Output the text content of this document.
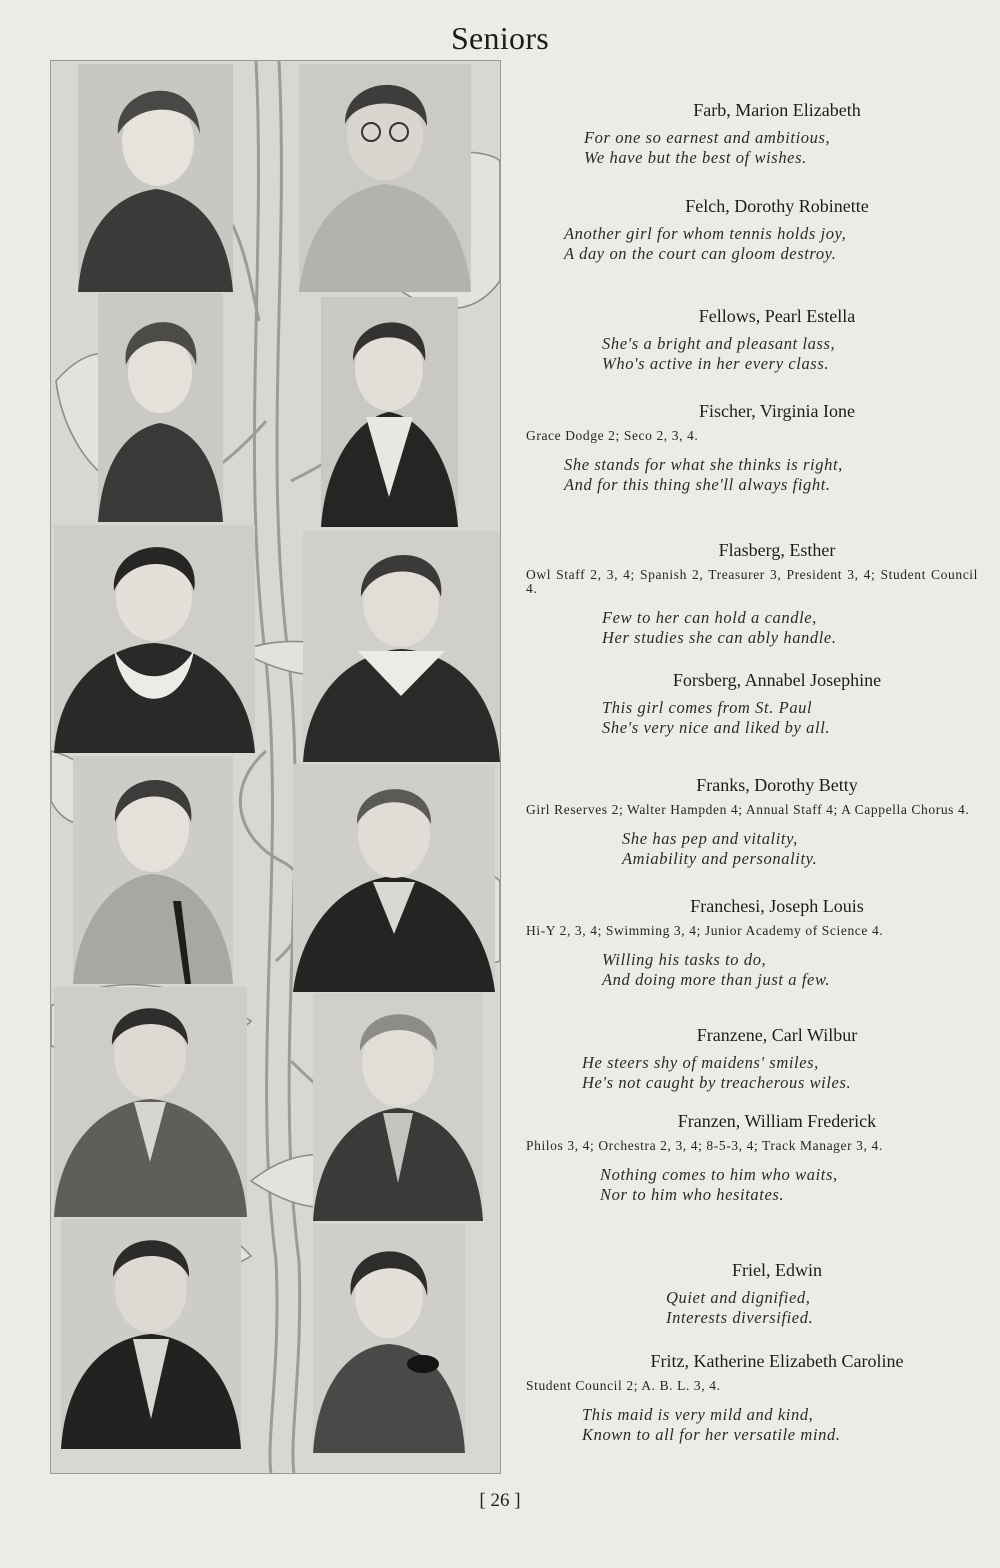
Seniors
Farb, Marion Elizabeth
For one so earnest and ambitious,
We have but the best of wishes.
Felch, Dorothy Robinette
Another girl for whom tennis holds joy,
A day on the court can gloom destroy.
Fellows, Pearl Estella
She's a bright and pleasant lass,
Who's active in her every class.
Fischer, Virginia Ione
Grace Dodge 2; Seco 2, 3, 4.
She stands for what she thinks is right,
And for this thing she'll always fight.
Flasberg, Esther
Owl Staff 2, 3, 4; Spanish 2, Treasurer 3, President 3, 4; Student Council 4.
Few to her can hold a candle,
Her studies she can ably handle.
Forsberg, Annabel Josephine
This girl comes from St. Paul
She's very nice and liked by all.
Franks, Dorothy Betty
Girl Reserves 2; Walter Hampden 4; Annual Staff 4; A Cappella Chorus 4.
She has pep and vitality,
Amiability and personality.
Franchesi, Joseph Louis
Hi-Y 2, 3, 4; Swimming 3, 4; Junior Academy of Science 4.
Willing his tasks to do,
And doing more than just a few.
Franzene, Carl Wilbur
He steers shy of maidens' smiles,
He's not caught by treacherous wiles.
Franzen, William Frederick
Philos 3, 4; Orchestra 2, 3, 4; 8-5-3, 4; Track Manager 3, 4.
Nothing comes to him who waits,
Nor to him who hesitates.
Friel, Edwin
Quiet and dignified,
Interests diversified.
Fritz, Katherine Elizabeth Caroline
Student Council 2; A. B. L. 3, 4.
This maid is very mild and kind,
Known to all for her versatile mind.
[ 26 ]
